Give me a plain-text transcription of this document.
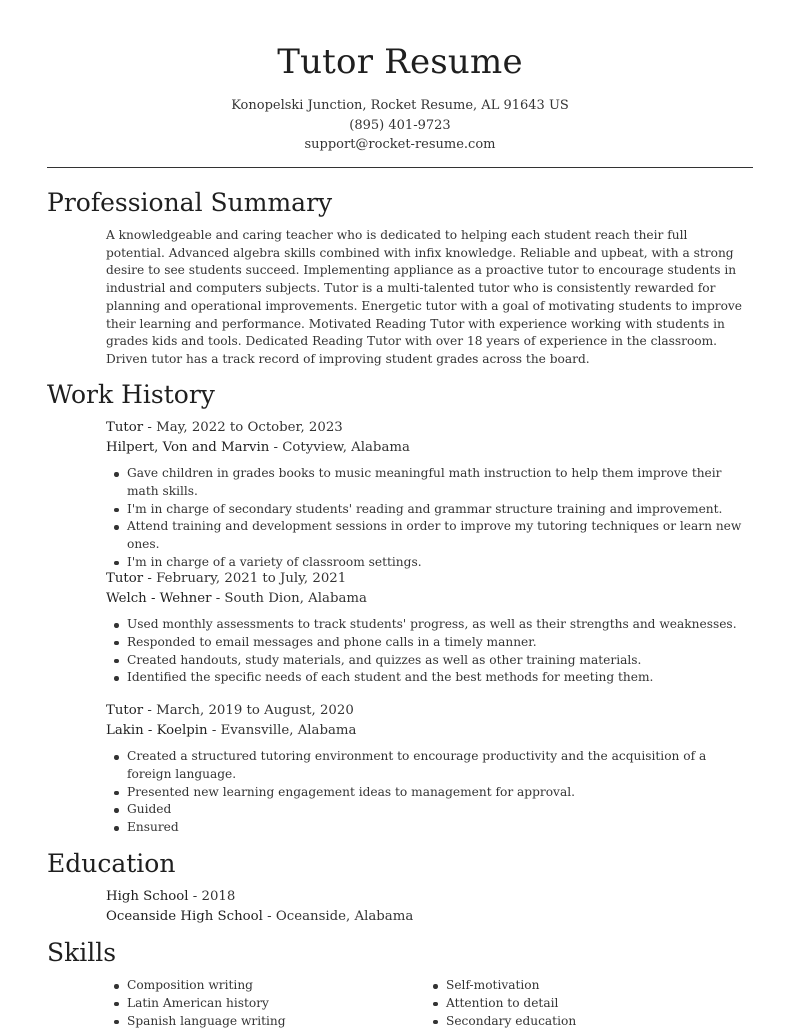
Tutor Resume
Konopelski Junction, Rocket Resume, AL 91643 US
(895) 401-9723
support@rocket-resume.com
Professional Summary

A knowledgeable and caring teacher who is dedicated to helping each student reach their full potential. Advanced algebra skills combined with infix knowledge. Reliable and upbeat, with a strong desire to see students succeed. Implementing appliance as a proactive tutor to encourage students in industrial and computers subjects. Tutor is a multi-talented tutor who is consistently rewarded for planning and operational improvements. Energetic tutor with a goal of motivating students to improve their learning and performance. Motivated Reading Tutor with experience working with students in grades kids and tools. Dedicated Reading Tutor with over 18 years of experience in the classroom. Driven tutor has a track record of improving student grades across the board.

Work History
Tutor - May, 2022 to October, 2023
Hilpert, Von and Marvin - Cotyview, Alabama
Gave children in grades books to music meaningful math instruction to help them improve their math skills.
I'm in charge of secondary students' reading and grammar structure training and improvement.
Attend training and development sessions in order to improve my tutoring techniques or learn new ones.
I'm in charge of a variety of classroom settings.
Tutor - February, 2021 to July, 2021
Welch - Wehner - South Dion, Alabama
Used monthly assessments to track students' progress, as well as their strengths and weaknesses.
Responded to email messages and phone calls in a timely manner.
Created handouts, study materials, and quizzes as well as other training materials.
Identified the specific needs of each student and the best methods for meeting them.
Tutor - March, 2019 to August, 2020
Lakin - Koelpin - Evansville, Alabama
Created a structured tutoring environment to encourage productivity and the acquisition of a foreign language.
Presented new learning engagement ideas to management for approval.
Guided
Ensured
Education
High School - 2018
Oceanside High School - Oceanside, Alabama
Skills
Composition writing
Latin American history
Spanish language writing
Self-motivation
Attention to detail
Secondary education
